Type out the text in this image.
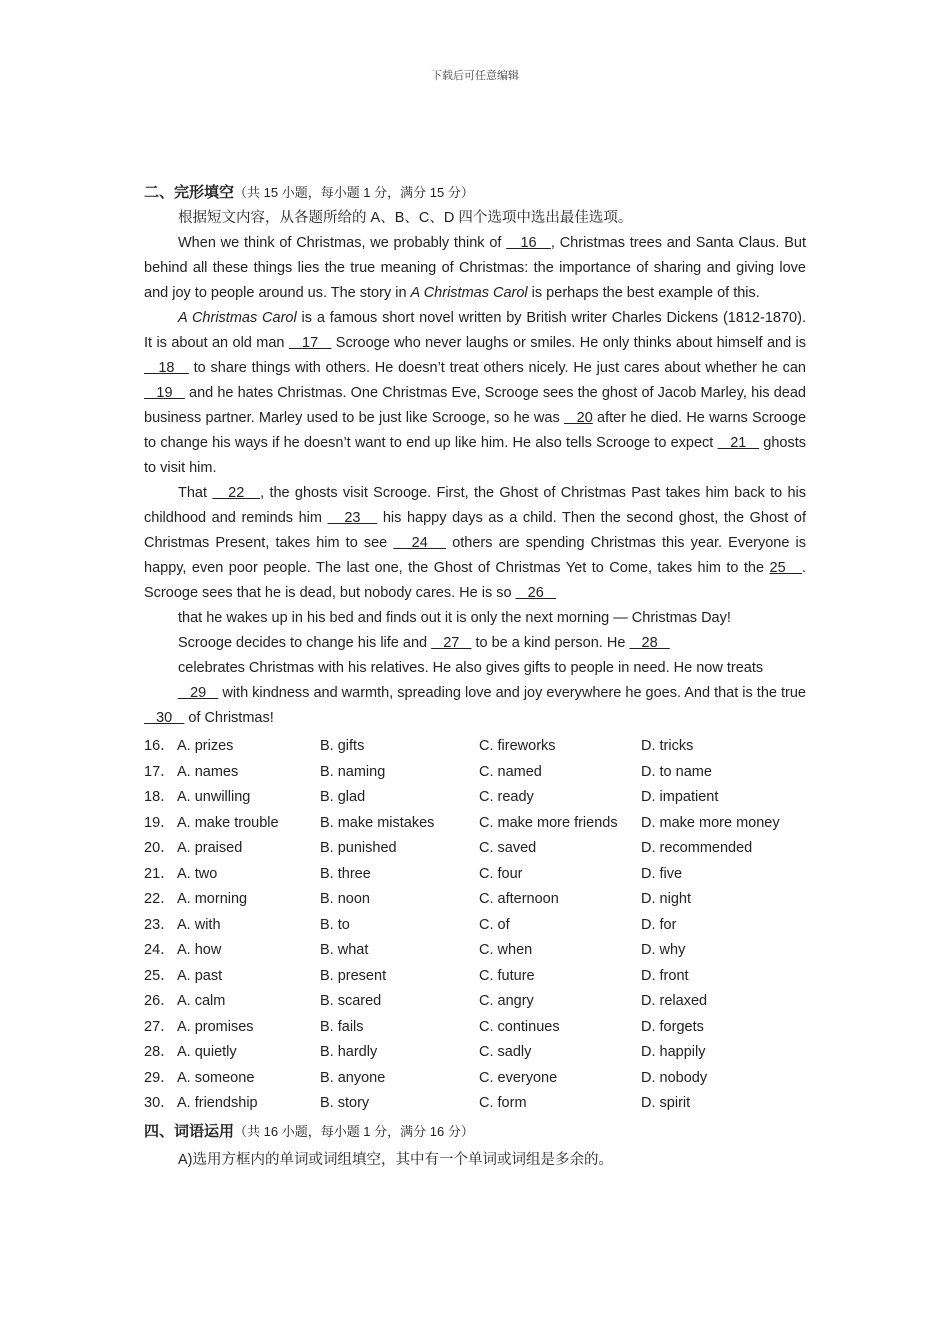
下载后可任意编辑
二、完形填空（共 15 小题，每小题 1 分，满分 15 分）

根据短文内容，从各题所给的 A、B、C、D 四个选项中选出最佳选项。

When we think of Christmas, we probably think of    16   , Christmas trees and Santa Claus. But behind all these things lies the true meaning of Christmas: the importance of sharing and giving love and joy to people around us. The story in A Christmas Carol is perhaps the best example of this.

A Christmas Carol is a famous short novel written by British writer Charles Dickens (1812-1870). It is about an old man    17    Scrooge who never laughs or smiles. He only thinks about himself and is    18    to share things with others. He doesn’t treat others nicely. He just cares about whether he can    19    and he hates Christmas. One Christmas Eve, Scrooge sees the ghost of Jacob Marley, his dead business partner. Marley used to be just like Scrooge, so he was    20 after he died. He warns Scrooge to change his ways if he doesn’t want to end up like him. He also tells Scrooge to expect    21    ghosts to visit him.

That    22   , the ghosts visit Scrooge. First, the Ghost of Christmas Past takes him back to his childhood and reminds him    23    his happy days as a child. Then the second ghost, the Ghost of Christmas Present, takes him to see    24    others are spending Christmas this year. Everyone is happy, even poor people. The last one, the Ghost of Christmas Yet to Come, takes him to the 25   . Scrooge sees that he is dead, but nobody cares. He is so    26

that he wakes up in his bed and finds out it is only the next morning — Christmas Day!

Scrooge decides to change his life and    27    to be a kind person. He    28

celebrates Christmas with his relatives. He also gives gifts to people in need. He now treats

29    with kindness and warmth, spreading love and joy everywhere he goes. And that is the true    30    of Christmas!

16． A. prizes	B. gifts	C. fireworks	D. tricks
17． A. names	B. naming	C. named	D. to name
18． A. unwilling	B. glad	C. ready	D. impatient
19． A. make trouble	B. make mistakes	C. make more friends	D. make more money
20． A. praised	B. punished	C. saved	D. recommended
21． A. two	B. three	C. four	D. five
22． A. morning	B. noon	C. afternoon	D. night
23． A. with	B. to	C. of	D. for
24． A. how	B. what	C. when	D. why
25． A. past	B. present	C. future	D. front
26． A. calm	B. scared	C. angry	D. relaxed
27． A. promises	B. fails	C. continues	D. forgets
28． A. quietly	B. hardly	C. sadly	D. happily
29． A. someone	B. anyone	C. everyone	D. nobody
30． A. friendship	B. story	C. form	D. spirit
四、词语运用（共 16 小题，每小题 1 分，满分 16 分）

A)选用方框内的单词或词组填空，其中有一个单词或词组是多余的。
